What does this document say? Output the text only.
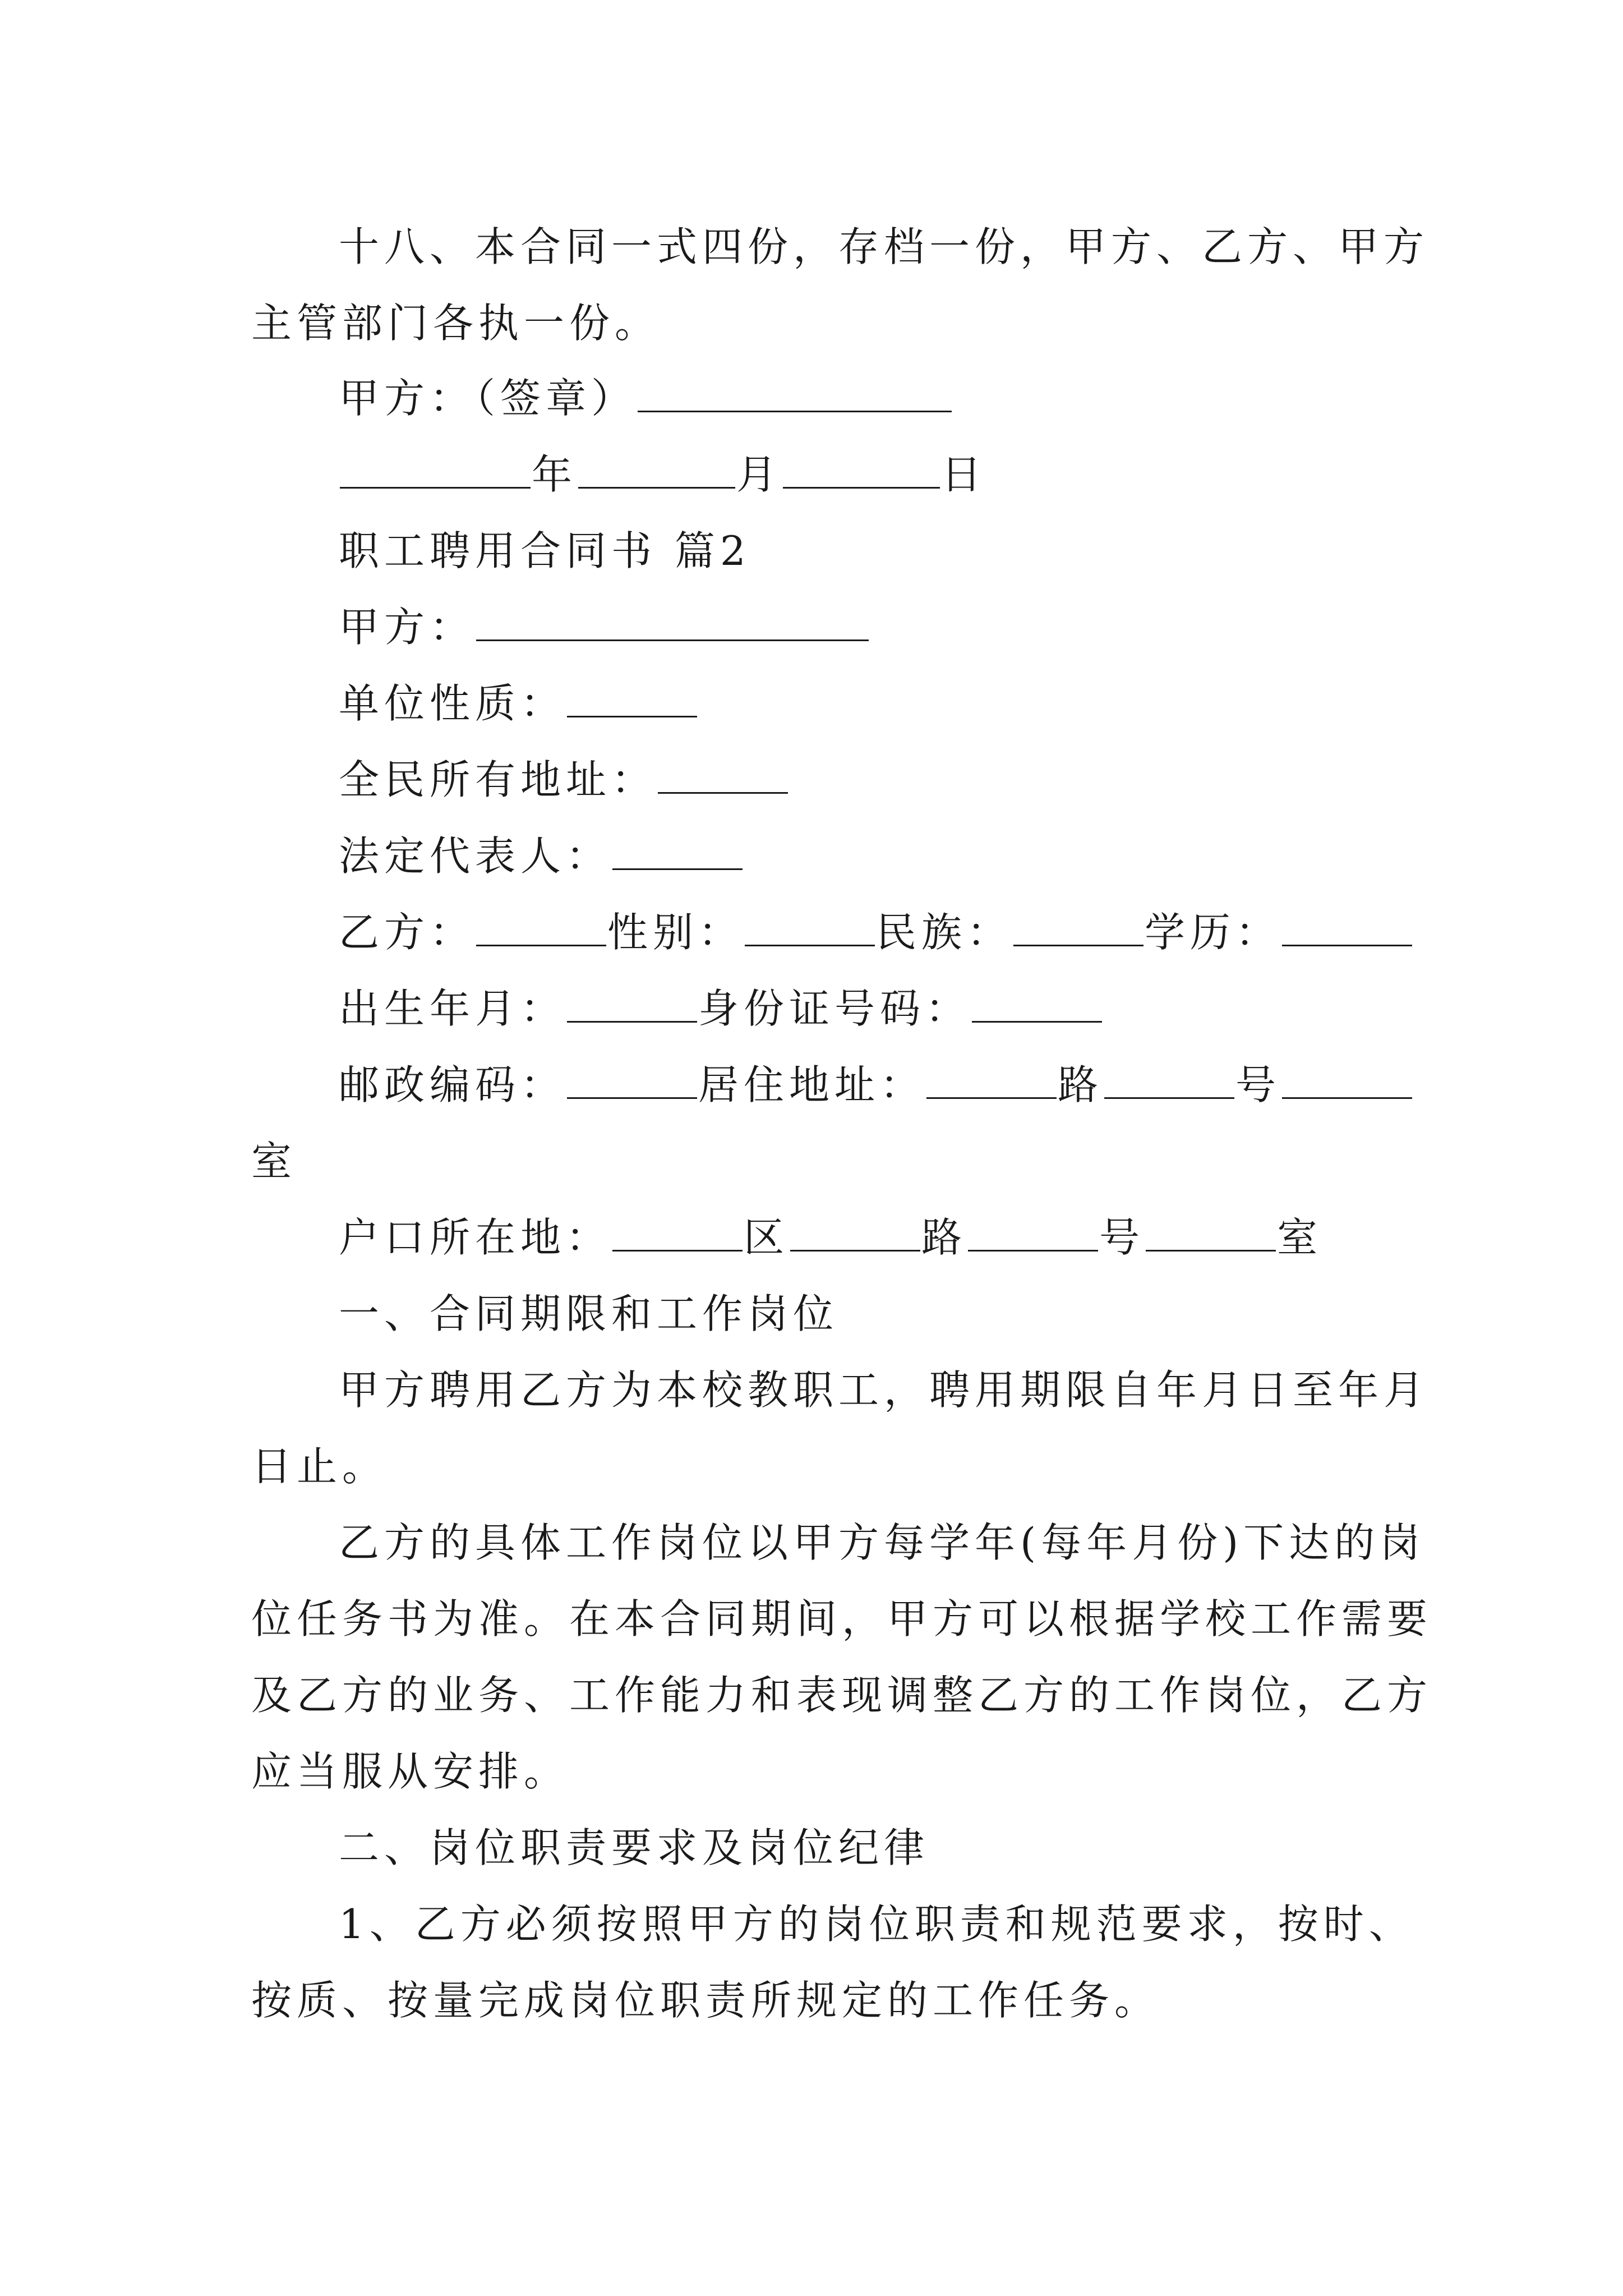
十八、本合同一式四份，存档一份，甲方、乙方、甲方
主管部门各执一份。
甲方：（签章）
年	月	日
职工聘用合同书 篇2
甲方：
单位性质：
全民所有地址：
法定代表人：
乙方：	性别：	民族：	学历：
出生年月：	身份证号码：
邮政编码：	居住地址：	路	号
室
户口所在地：	区	路	号	室
一、合同期限和工作岗位
甲方聘用乙方为本校教职工，聘用期限自年月日至年月
日止。
乙方的具体工作岗位以甲方每学年(每年月份)下达的岗
位任务书为准。在本合同期间，甲方可以根据学校工作需要
及乙方的业务、工作能力和表现调整乙方的工作岗位，乙方
应当服从安排。
二、岗位职责要求及岗位纪律
1、乙方必须按照甲方的岗位职责和规范要求，按时、
按质、按量完成岗位职责所规定的工作任务。
